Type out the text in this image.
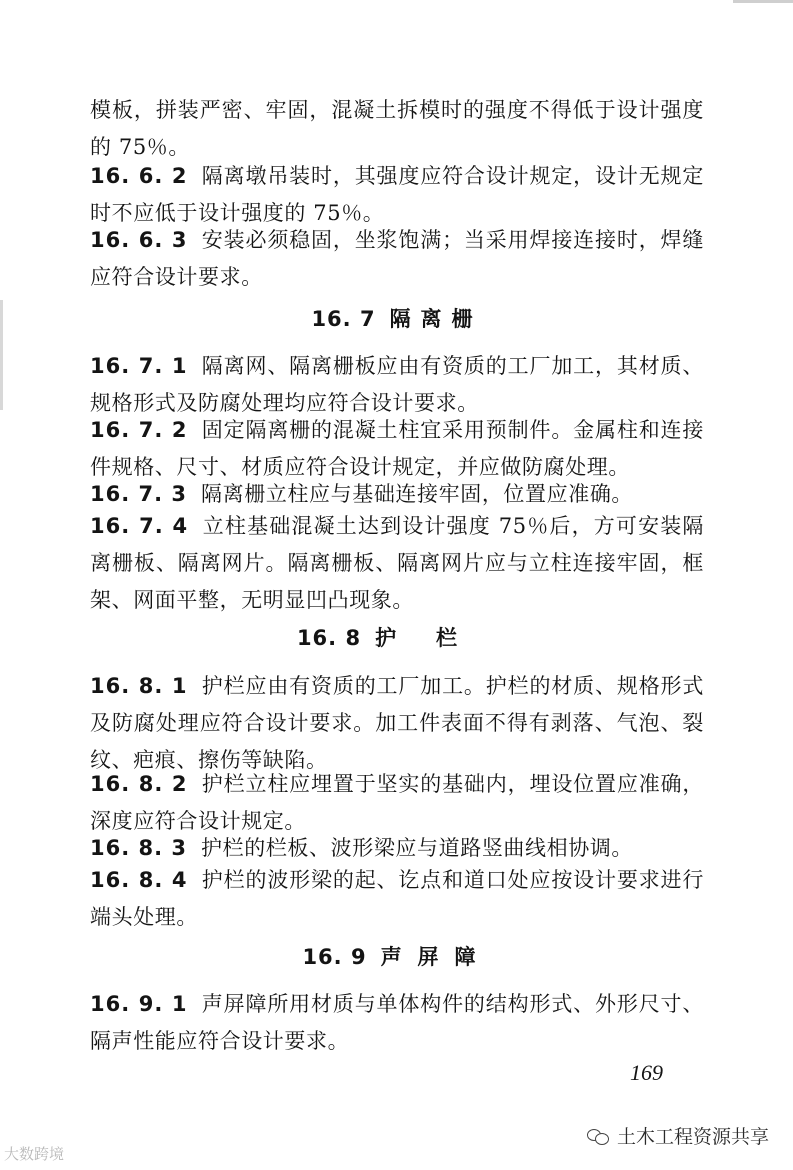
模板，拼装严密、牢固，混凝土拆模时的强度不得低于设计强度的 75％。

16. 6. 2 隔离墩吊装时，其强度应符合设计规定，设计无规定时不应低于设计强度的 75％。

16. 6. 3 安装必须稳固，坐浆饱满；当采用焊接连接时，焊缝应符合设计要求。

16. 7 隔离栅

16. 7. 1 隔离网、隔离栅板应由有资质的工厂加工，其材质、规格形式及防腐处理均应符合设计要求。

16. 7. 2 固定隔离栅的混凝土柱宜采用预制件。金属柱和连接件规格、尺寸、材质应符合设计规定，并应做防腐处理。

16. 7. 3 隔离栅立柱应与基础连接牢固，位置应准确。

16. 7. 4 立柱基础混凝土达到设计强度 75％后，方可安装隔离栅板、隔离网片。隔离栅板、隔离网片应与立柱连接牢固，框架、网面平整，无明显凹凸现象。

16. 8 护栏

16. 8. 1 护栏应由有资质的工厂加工。护栏的材质、规格形式及防腐处理应符合设计要求。加工件表面不得有剥落、气泡、裂纹、疤痕、擦伤等缺陷。

16. 8. 2 护栏立柱应埋置于坚实的基础内，埋设位置应准确，深度应符合设计规定。

16. 8. 3 护栏的栏板、波形梁应与道路竖曲线相协调。

16. 8. 4 护栏的波形梁的起、讫点和道口处应按设计要求进行端头处理。

16. 9 声屏障

16. 9. 1 声屏障所用材质与单体构件的结构形式、外形尺寸、隔声性能应符合设计要求。

169
大数跨境
土木工程资源共享
